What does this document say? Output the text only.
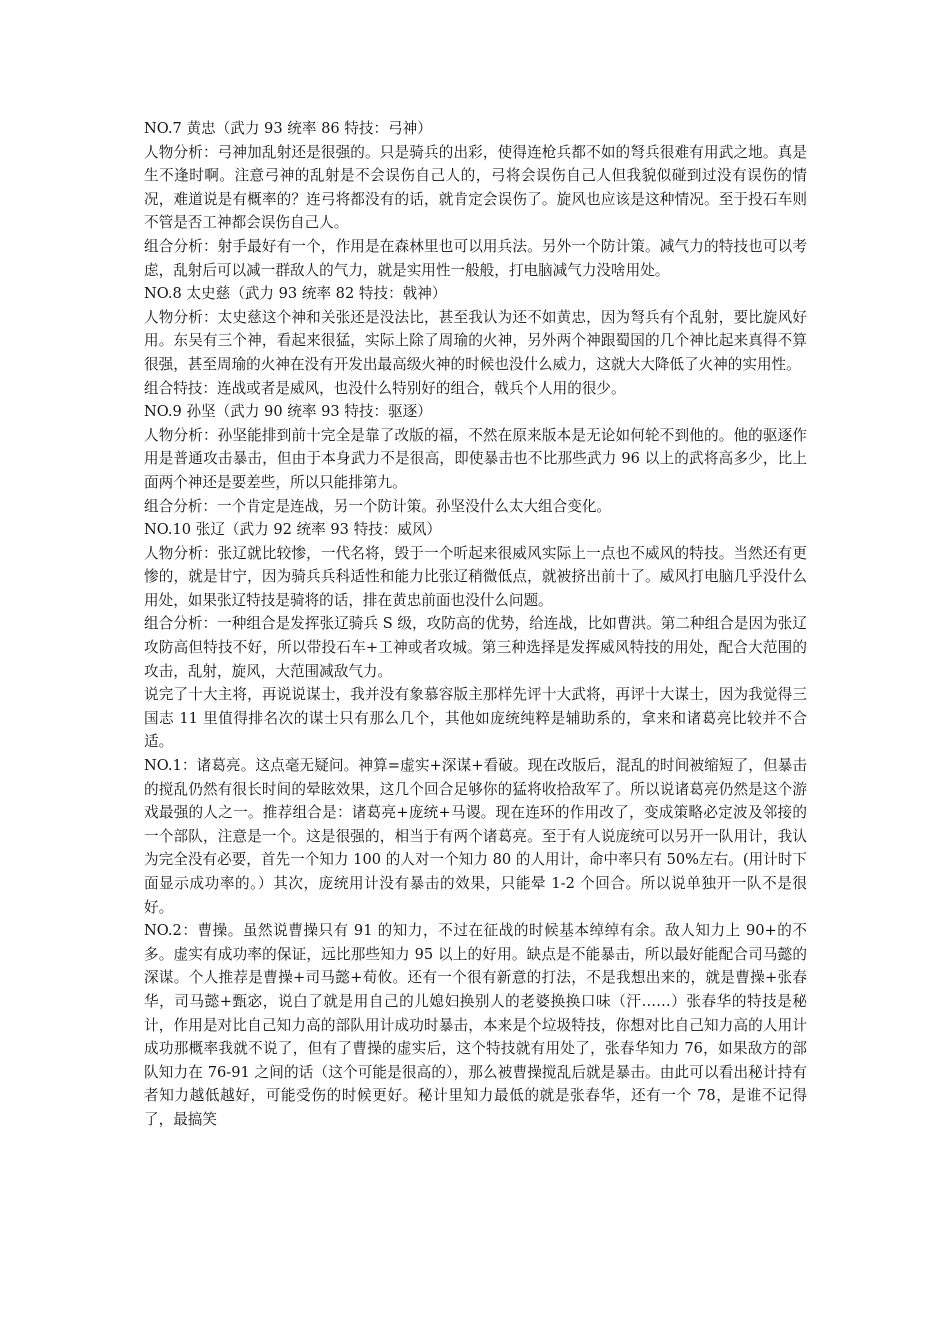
NO.7 黄忠（武力 93 统率 86 特技：弓神）

人物分析：弓神加乱射还是很强的。只是骑兵的出彩，使得连枪兵都不如的弩兵很难有用武之地。真是生不逢时啊。注意弓神的乱射是不会误伤自己人的，弓将会误伤自己人但我貌似碰到过没有误伤的情况，难道说是有概率的？连弓将都没有的话，就肯定会误伤了。旋风也应该是这种情况。至于投石车则不管是否工神都会误伤自己人。

组合分析：射手最好有一个，作用是在森林里也可以用兵法。另外一个防计策。减气力的特技也可以考虑，乱射后可以减一群敌人的气力，就是实用性一般般，打电脑减气力没啥用处。

NO.8 太史慈（武力 93 统率 82 特技：戟神）

人物分析：太史慈这个神和关张还是没法比，甚至我认为还不如黄忠，因为弩兵有个乱射，要比旋风好用。东吴有三个神，看起来很猛，实际上除了周瑜的火神，另外两个神跟蜀国的几个神比起来真得不算很强，甚至周瑜的火神在没有开发出最高级火神的时候也没什么威力，这就大大降低了火神的实用性。

组合特技：连战或者是威风，也没什么特别好的组合，戟兵个人用的很少。

NO.9 孙坚（武力 90 统率 93 特技：驱逐）

人物分析：孙坚能排到前十完全是靠了改版的福，不然在原来版本是无论如何轮不到他的。他的驱逐作用是普通攻击暴击，但由于本身武力不是很高，即使暴击也不比那些武力 96 以上的武将高多少，比上面两个神还是要差些，所以只能排第九。

组合分析：一个肯定是连战，另一个防计策。孙坚没什么太大组合变化。

NO.10 张辽（武力 92 统率 93 特技：威风）

人物分析：张辽就比较惨，一代名将，毁于一个听起来很威风实际上一点也不威风的特技。当然还有更惨的，就是甘宁，因为骑兵兵科适性和能力比张辽稍微低点，就被挤出前十了。威风打电脑几乎没什么用处，如果张辽特技是骑将的话，排在黄忠前面也没什么问题。

组合分析：一种组合是发挥张辽骑兵 S 级，攻防高的优势，给连战，比如曹洪。第二种组合是因为张辽攻防高但特技不好，所以带投石车+工神或者攻城。第三种选择是发挥威风特技的用处，配合大范围的攻击，乱射，旋风，大范围减敌气力。

说完了十大主将，再说说谋士，我并没有象慕容版主那样先评十大武将，再评十大谋士，因为我觉得三国志 11 里值得排名次的谋士只有那么几个，其他如庞统纯粹是辅助系的，拿来和诸葛亮比较并不合适。

NO.1：诸葛亮。这点毫无疑问。神算=虚实+深谋+看破。现在改版后，混乱的时间被缩短了，但暴击的搅乱仍然有很长时间的晕眩效果，这几个回合足够你的猛将收拾敌军了。所以说诸葛亮仍然是这个游戏最强的人之一。推荐组合是：诸葛亮+庞统+马谡。现在连环的作用改了，变成策略必定波及邻接的一个部队，注意是一个。这是很强的，相当于有两个诸葛亮。至于有人说庞统可以另开一队用计，我认为完全没有必要，首先一个知力 100 的人对一个知力 80 的人用计，命中率只有 50%左右。(用计时下面显示成功率的。）其次，庞统用计没有暴击的效果，只能晕 1-2 个回合。所以说单独开一队不是很好。

NO.2：曹操。虽然说曹操只有 91 的知力，不过在征战的时候基本绰绰有余。敌人知力上 90+的不多。虚实有成功率的保证，远比那些知力 95 以上的好用。缺点是不能暴击，所以最好能配合司马懿的深谋。个人推荐是曹操+司马懿+荀攸。还有一个很有新意的打法，不是我想出来的，就是曹操+张春华，司马懿+甄宓，说白了就是用自己的儿媳妇换别人的老婆换换口味（汗……）张春华的特技是秘计，作用是对比自己知力高的部队用计成功时暴击，本来是个垃圾特技，你想对比自己知力高的人用计成功那概率我就不说了，但有了曹操的虚实后，这个特技就有用处了，张春华知力 76，如果敌方的部队知力在 76-91 之间的话（这个可能是很高的），那么被曹操搅乱后就是暴击。由此可以看出秘计持有者知力越低越好，可能受伤的时候更好。秘计里知力最低的就是张春华，还有一个 78，是谁不记得了，最搞笑
